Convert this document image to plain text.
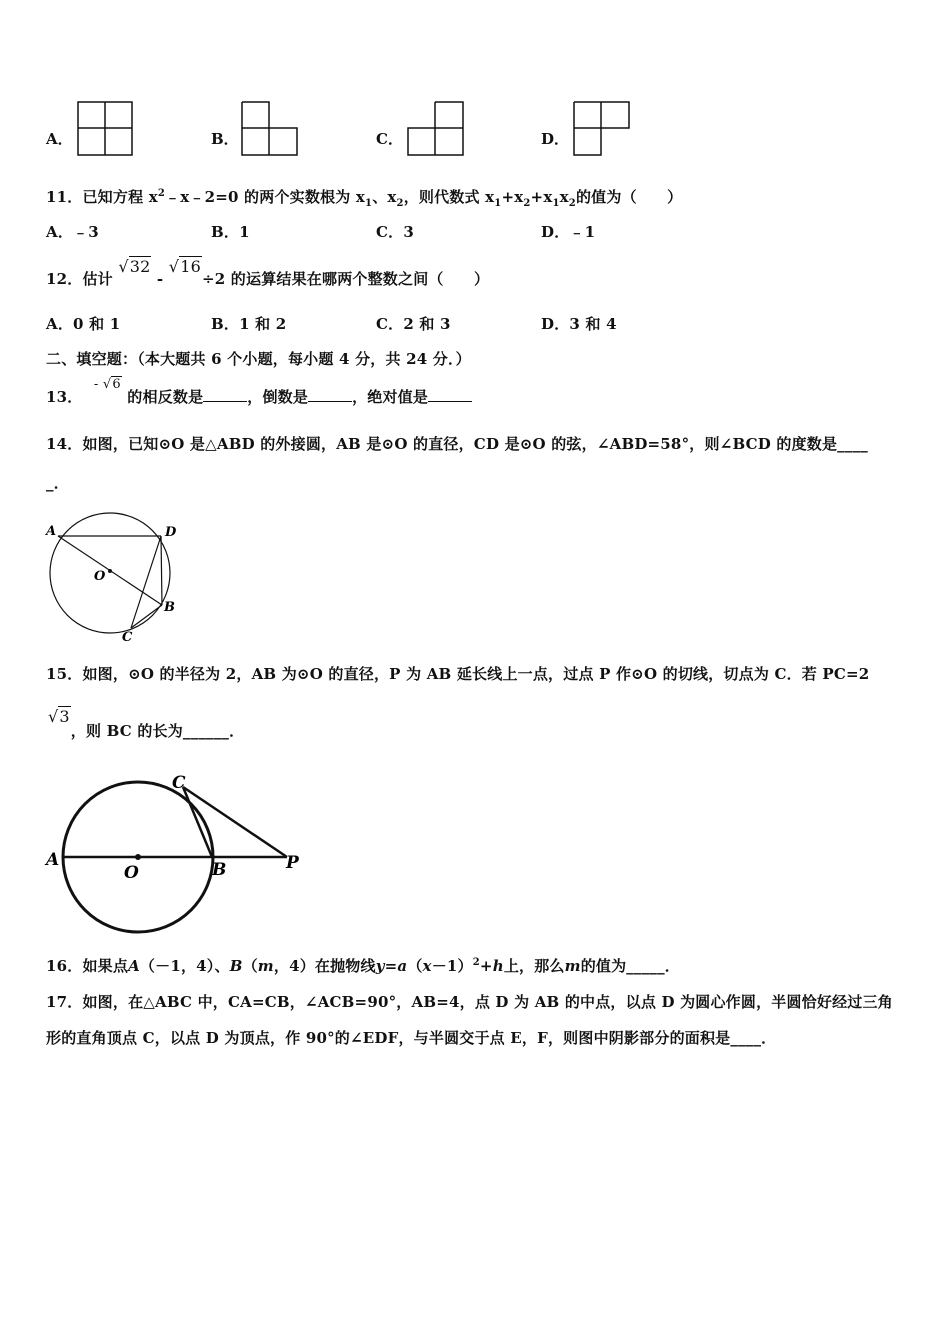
A．	B．	C．	D．
11．已知方程 $x^2﹣x﹣2=0$ 的两个实数根为 $x_1$、$x_2$，则代数式 $x_1+x_2+x_1x_2$的值为（　　）
A．﹣3	B．1	C．3	D．﹣1
12．估计 √32 - √16÷2 的运算结果在哪两个整数之间（　　）
A．0 和 1	B．1 和 2	C．2 和 3	D．3 和 4
二、填空题：（本大题共 6 个小题，每小题 4 分，共 24 分．）
13． - √6 的相反数是	，倒数是	，绝对值是
14．如图，已知⊙O 是△ABD 的外接圆，AB 是⊙O 的直径，CD 是⊙O 的弦，∠ABD=58°，则∠BCD 的度数是____
_．
A	D
O
B
C
15．如图，⊙O 的半径为 2，AB 为⊙O 的直径，P 为 AB 延长线上一点，过点 P 作⊙O 的切线，切点为 C．若 PC=2
√3，则 BC 的长为______．
A
O	B
C
P
16．如果点A（－1，4）、B（m，4）在抛物线$y=a(x-1)^2+h$上，那么m的值为_____．
17．如图，在△ABC 中，CA=CB，∠ACB=90°，AB=4，点 D 为 AB 的中点，以点 D 为圆心作圆，半圆恰好经过三角
形的直角顶点 C，以点 D 为顶点，作 90°的∠EDF，与半圆交于点 E，F，则图中阴影部分的面积是____．
